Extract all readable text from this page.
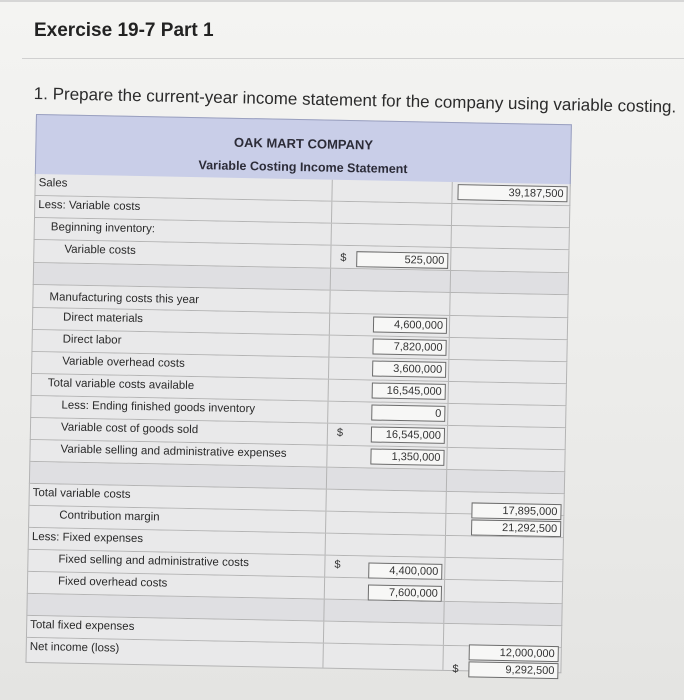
Exercise 19-7 Part 1
1. Prepare the current-year income statement for the company using variable costing.
OAK MART COMPANY
Variable Costing Income Statement
Sales
39,187,500
Less: Variable costs
Beginning inventory:
Variable costs
$
525,000
Manufacturing costs this year
Direct materials
4,600,000
Direct labor
7,820,000
Variable overhead costs
3,600,000
Total variable costs available
16,545,000
Less: Ending finished goods inventory
0
Variable cost of goods sold	$
16,545,000
Variable selling and administrative expenses
1,350,000
Total variable costs
Contribution margin
17,895,000
21,292,500
Less: Fixed expenses
Fixed selling and administrative costs	$
4,400,000
Fixed overhead costs
7,600,000
Total fixed expenses
Net income (loss)
12,000,000
$
9,292,500
